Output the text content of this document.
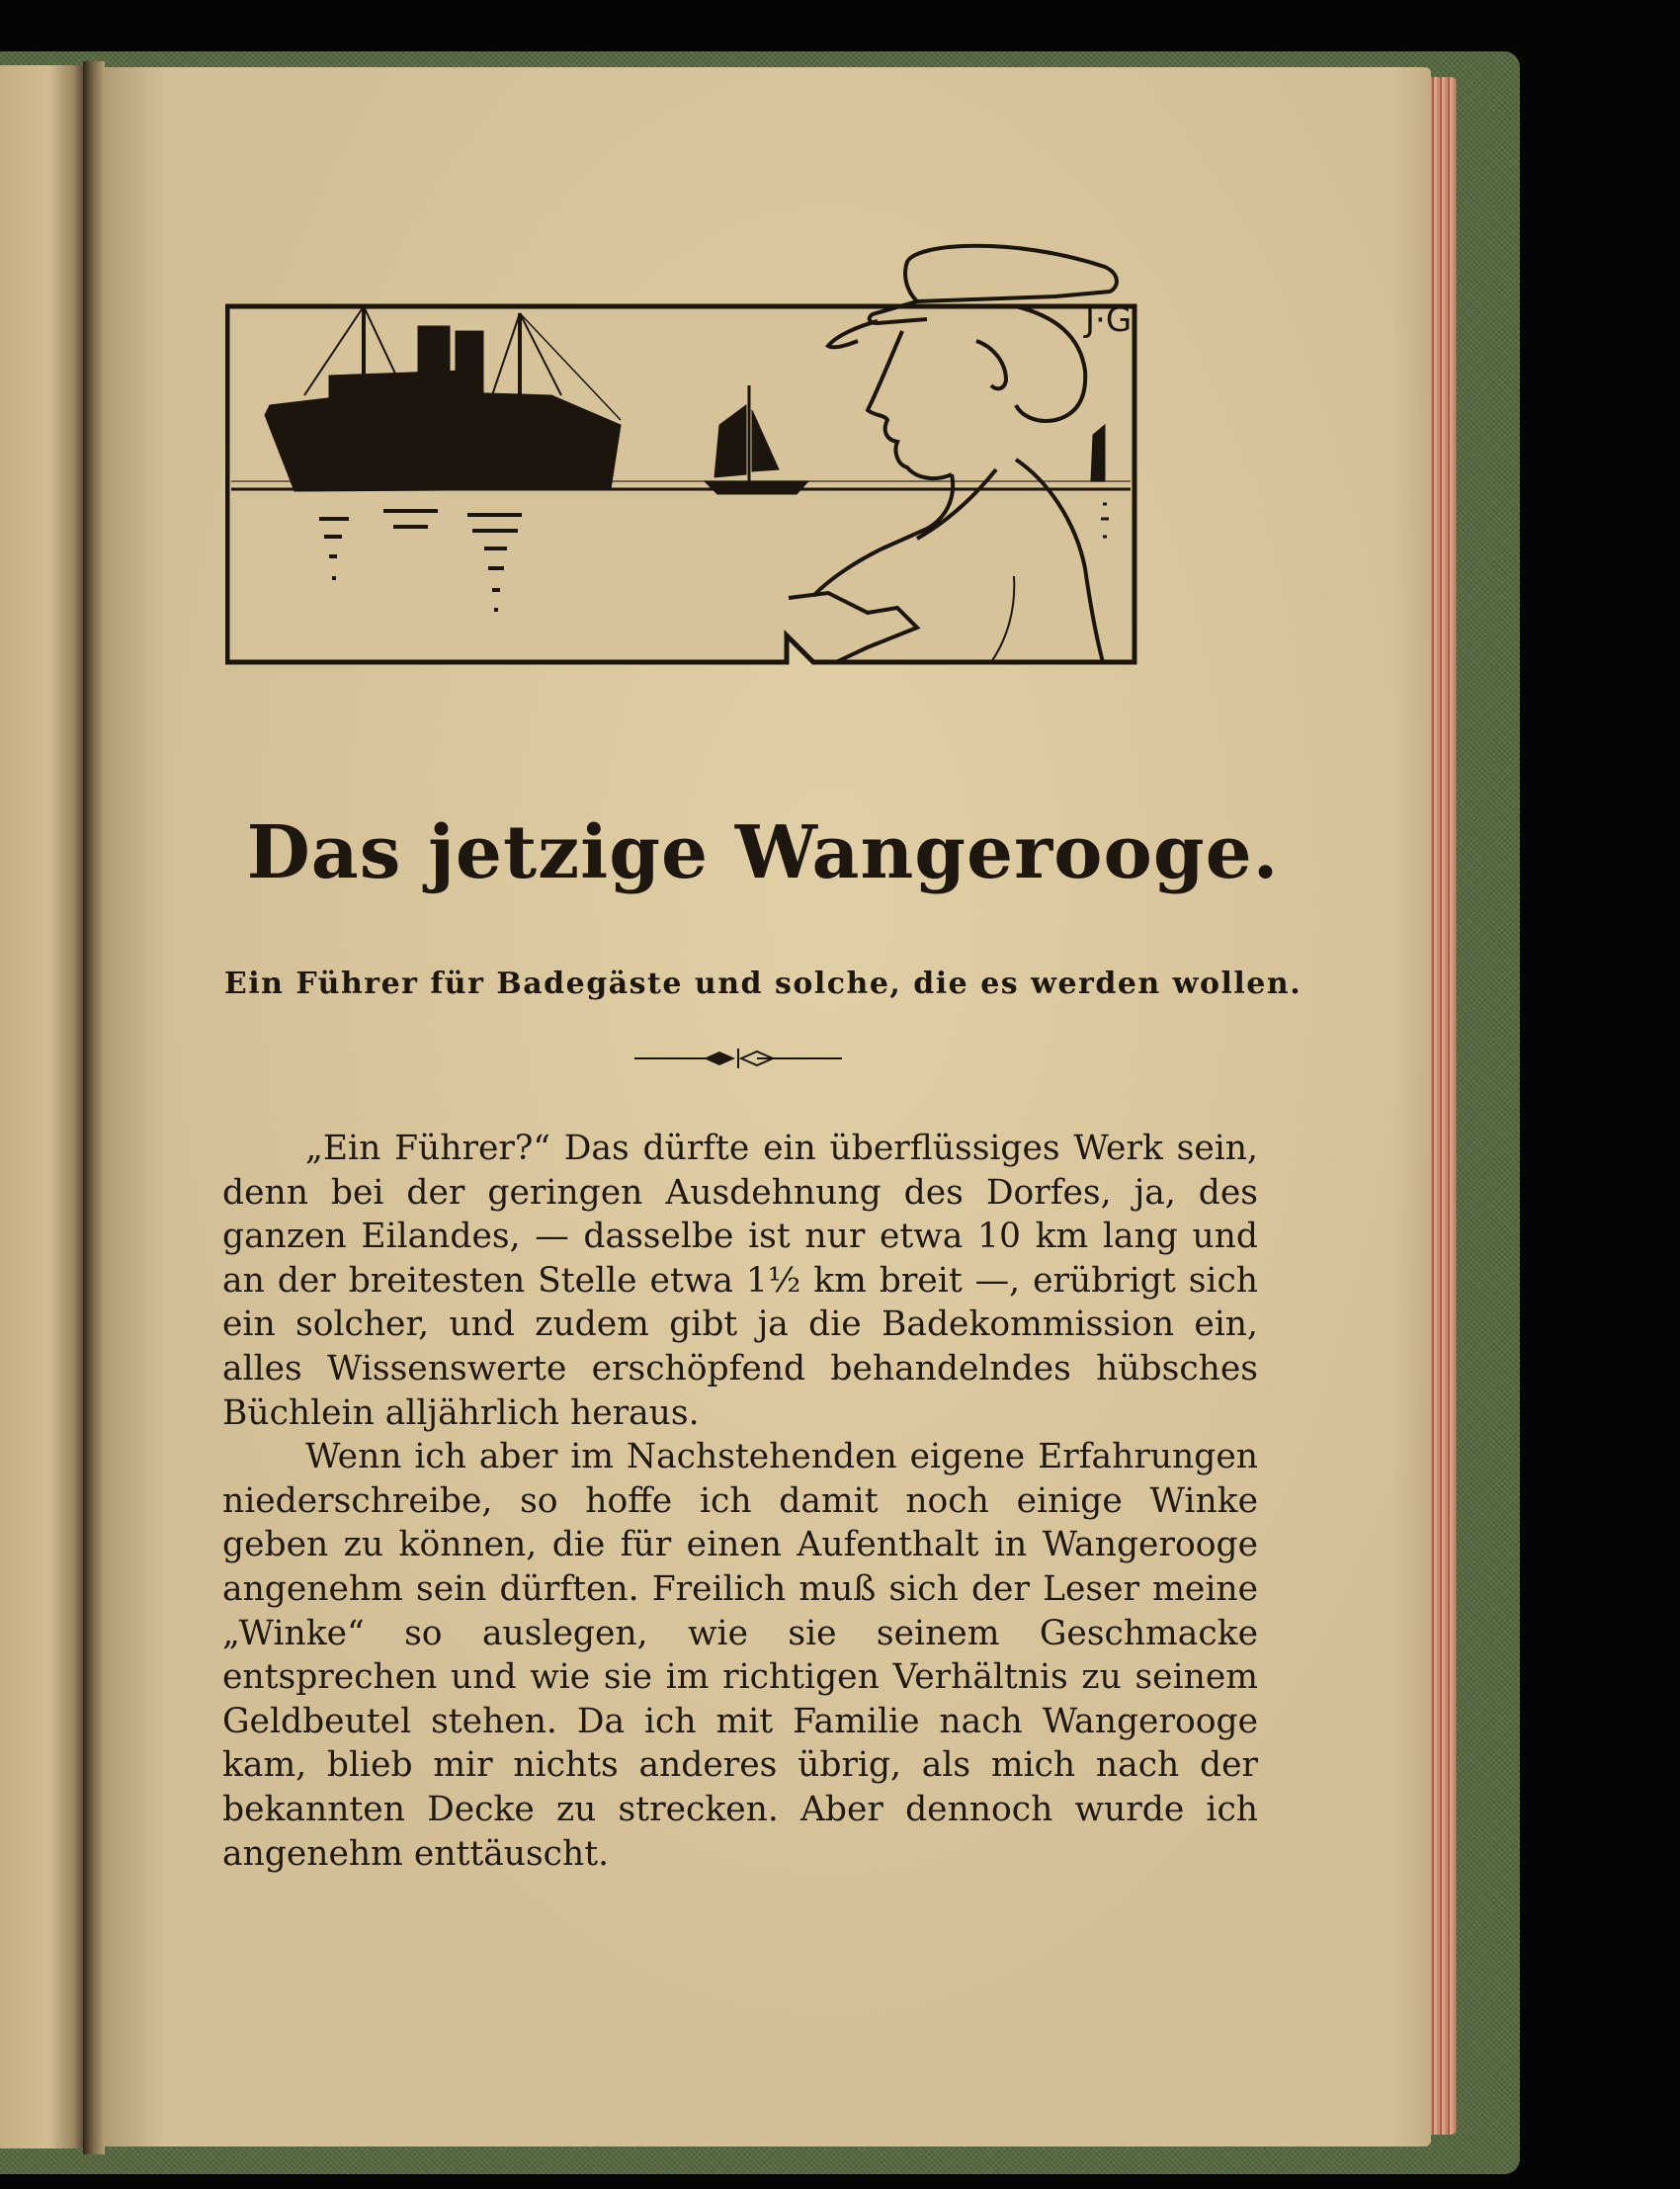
J·G
Das jetzige Wangerooge.
Ein Führer für Badegäste und solche, die es werden wollen.

„Ein Führer?“ Das dürfte ein überflüssiges Werk sein, denn bei der geringen Ausdehnung des Dorfes, ja, des ganzen Eilandes, — dasselbe ist nur etwa 10 km lang und an der breitesten Stelle etwa 1½ km breit —, erübrigt sich ein solcher, und zudem gibt ja die Badekommission ein, alles Wissenswerte erschöpfend behandelndes hübsches Büchlein alljährlich heraus.

Wenn ich aber im Nachstehenden eigene Erfahrungen niederschreibe, so hoffe ich damit noch einige Winke geben zu können, die für einen Aufenthalt in Wangerooge angenehm sein dürften. Freilich muß sich der Leser meine „Winke“ so auslegen, wie sie seinem Geschmacke entsprechen und wie sie im richtigen Verhältnis zu seinem Geldbeutel stehen. Da ich mit Familie nach Wangerooge kam, blieb mir nichts anderes übrig, als mich nach der bekannten Decke zu strecken. Aber dennoch wurde ich angenehm enttäuscht.
